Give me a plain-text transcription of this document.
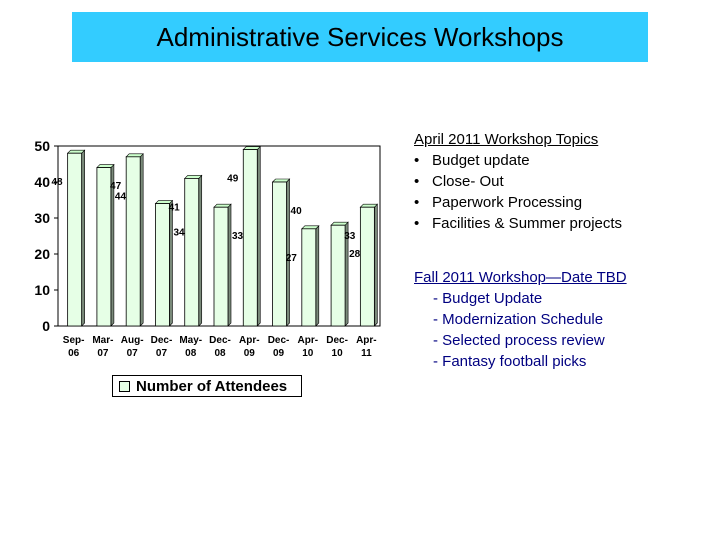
Administrative Services Workshops
0
10
20
30
40
50
48
Sep-
06
44
Mar-
07
47
Aug-
07
34
Dec-
07
41
May-
08
33
Dec-
08
49
Apr-
09
40
Dec-
09
27
Apr-
10
28
Dec-
10
33
Apr-
11
Number of Attendees
April 2011 Workshop Topics
• Budget update
• Close- Out
• Paperwork Processing
• Facilities & Summer projects
Fall 2011 Workshop—Date TBD
- Budget Update
- Modernization Schedule
- Selected process review
- Fantasy football picks
